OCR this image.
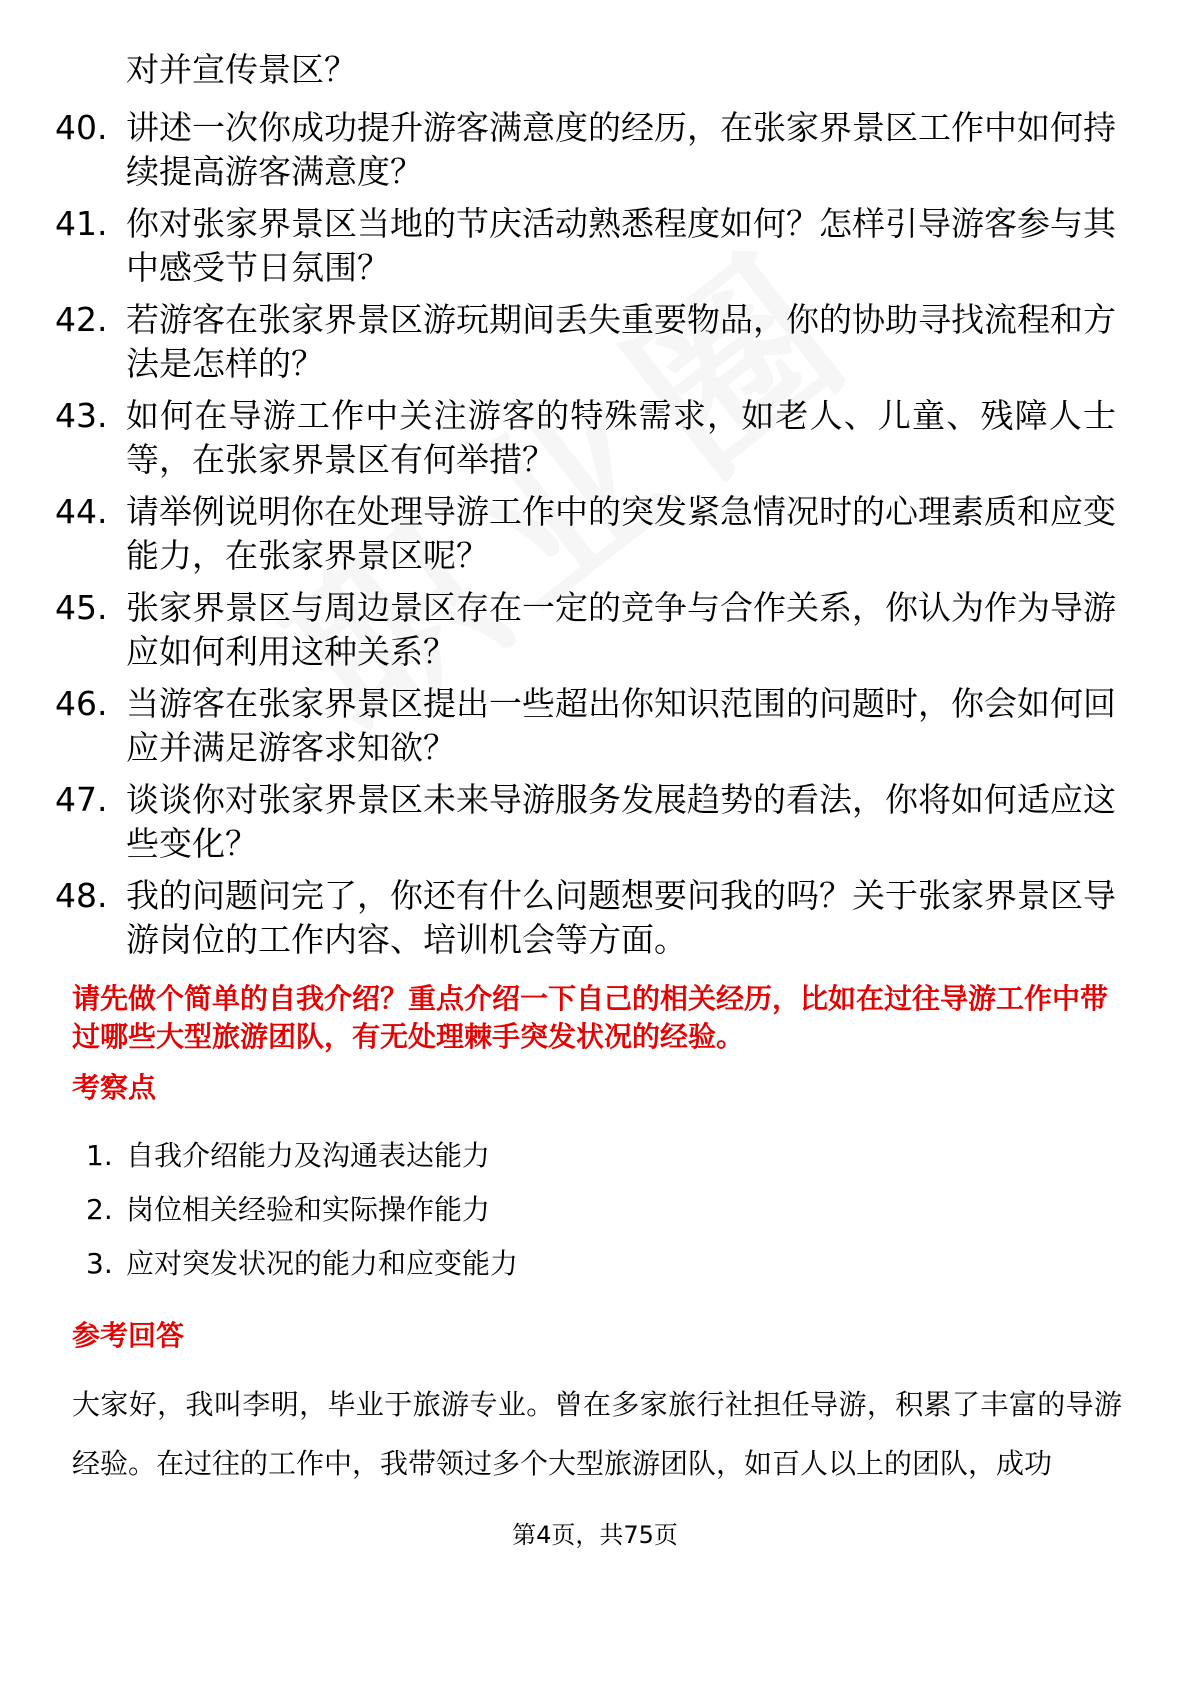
对并宣传景区？
40. 讲述一次你成功提升游客满意度的经历，在张家界景区工作中如何持续提高游客满意度？
41. 你对张家界景区当地的节庆活动熟悉程度如何？怎样引导游客参与其中感受节日氛围？
42. 若游客在张家界景区游玩期间丢失重要物品，你的协助寻找流程和方法是怎样的？
43. 如何在导游工作中关注游客的特殊需求，如老人、儿童、残障人士等，在张家界景区有何举措？
44. 请举例说明你在处理导游工作中的突发紧急情况时的心理素质和应变能力，在张家界景区呢？
45. 张家界景区与周边景区存在一定的竞争与合作关系，你认为作为导游应如何利用这种关系？
46. 当游客在张家界景区提出一些超出你知识范围的问题时，你会如何回应并满足游客求知欲？
47. 谈谈你对张家界景区未来导游服务发展趋势的看法，你将如何适应这些变化？
48. 我的问题问完了，你还有什么问题想要问我的吗？关于张家界景区导游岗位的工作内容、培训机会等方面。
请先做个简单的自我介绍？重点介绍一下自己的相关经历，比如在过往导游工作中带过哪些大型旅游团队，有无处理棘手突发状况的经验。
考察点
1. 自我介绍能力及沟通表达能力
2. 岗位相关经验和实际操作能力
3. 应对突发状况的能力和应变能力
参考回答
大家好，我叫李明，毕业于旅游专业。曾在多家旅行社担任导游，积累了丰富的导游经验。在过往的工作中，我带领过多个大型旅游团队，如百人以上的团队，成功
第4页，共75页
